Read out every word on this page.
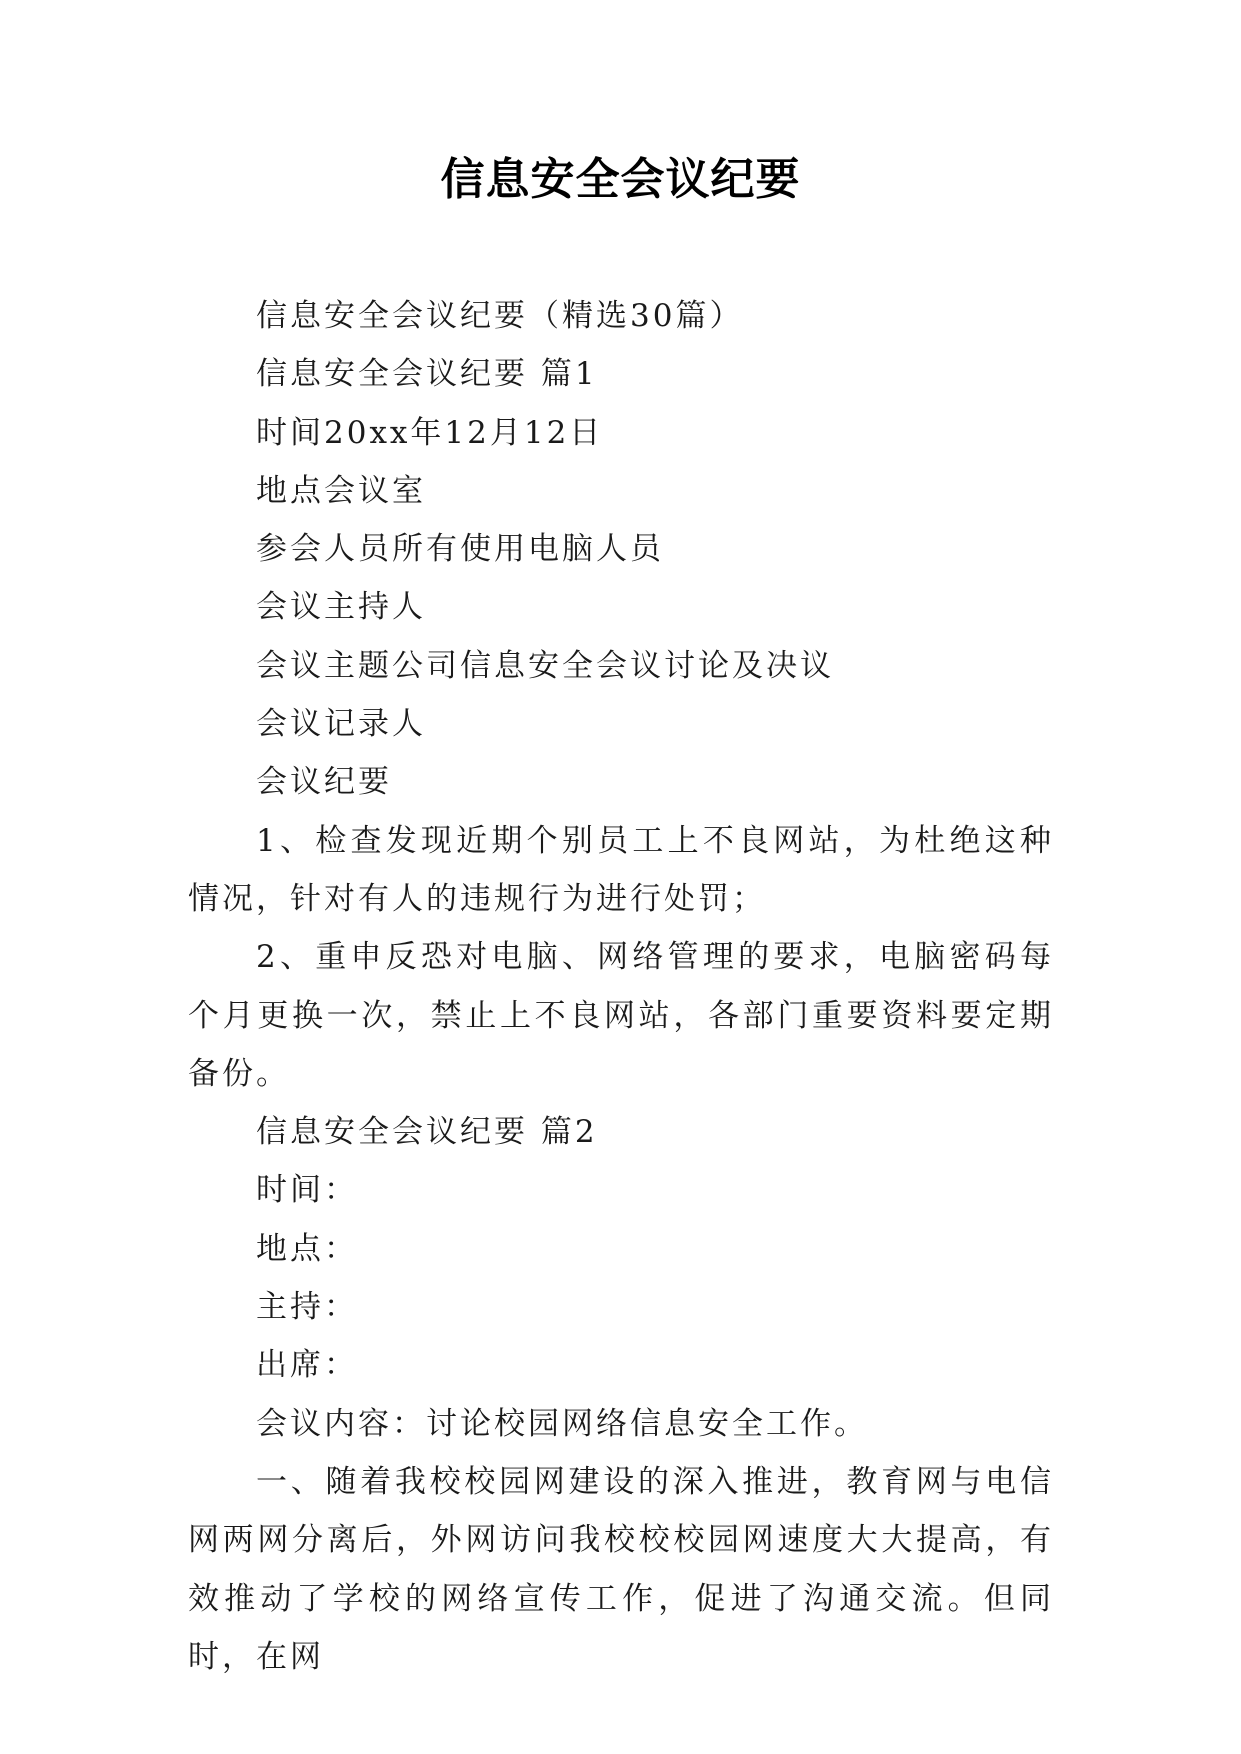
信息安全会议纪要
信息安全会议纪要（精选30篇）
信息安全会议纪要 篇1
时间20xx年12月12日
地点会议室
参会人员所有使用电脑人员
会议主持人
会议主题公司信息安全会议讨论及决议
会议记录人
会议纪要
1、检查发现近期个别员工上不良网站，为杜绝这种情况，针对有人的违规行为进行处罚；
2、重申反恐对电脑、网络管理的要求，电脑密码每个月更换一次，禁止上不良网站，各部门重要资料要定期备份。
信息安全会议纪要 篇2
时间：
地点：
主持：
出席：
会议内容：讨论校园网络信息安全工作。
一、随着我校校园网建设的深入推进，教育网与电信网两网分离后，外网访问我校校校园网速度大大提高，有效推动了学校的网络宣传工作，促进了沟通交流。但同时，在网
